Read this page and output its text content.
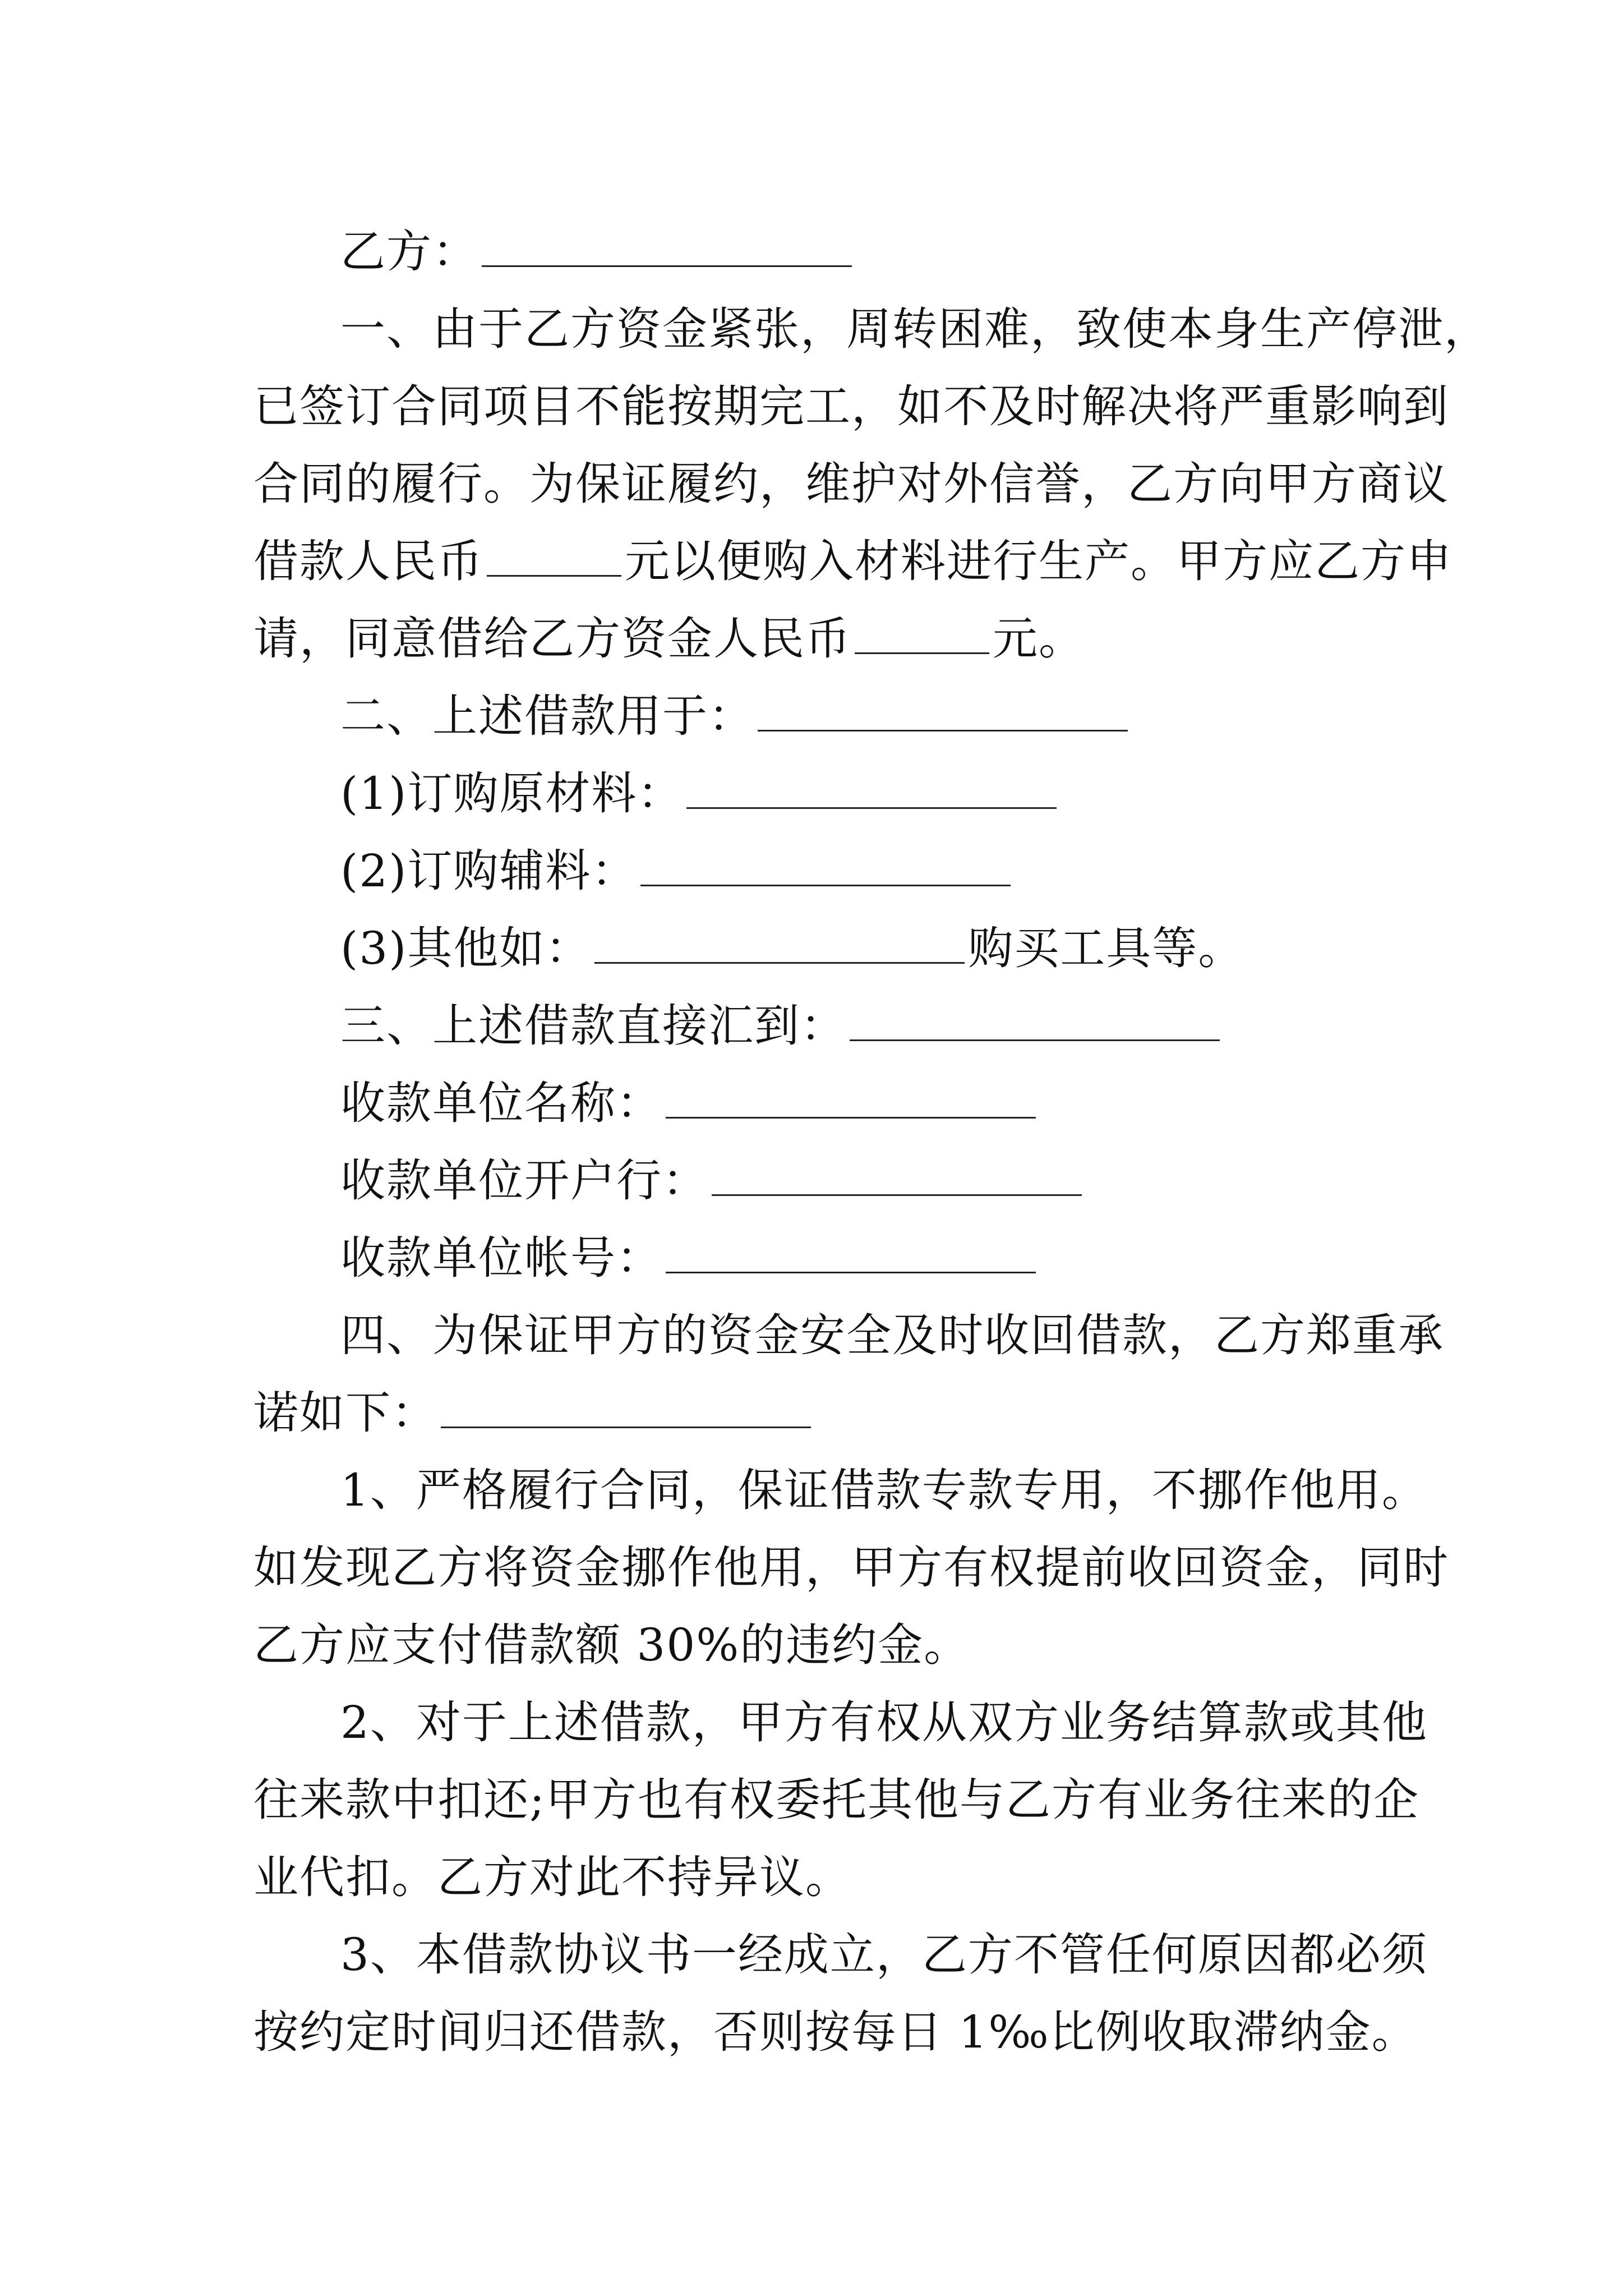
乙方：
一、由于乙方资金紧张，周转困难，致使本身生产停泄，
已签订合同项目不能按期完工，如不及时解决将严重影响到
合同的履行。为保证履约，维护对外信誉，乙方向甲方商议
借款人民币	元以便购入材料进行生产。甲方应乙方申
请，同意借给乙方资金人民币	元。
二、上述借款用于：
(1)订购原材料：
(2)订购辅料：
(3)其他如：	购买工具等。
三、上述借款直接汇到：
收款单位名称：
收款单位开户行：
收款单位帐号：
四、为保证甲方的资金安全及时收回借款，乙方郑重承
诺如下：
1、严格履行合同，保证借款专款专用，不挪作他用。
如发现乙方将资金挪作他用，甲方有权提前收回资金，同时
乙方应支付借款额 30%的违约金。
2、对于上述借款，甲方有权从双方业务结算款或其他
往来款中扣还;甲方也有权委托其他与乙方有业务往来的企
业代扣。乙方对此不持异议。
3、本借款协议书一经成立，乙方不管任何原因都必须
按约定时间归还借款，否则按每日 1‰比例收取滞纳金。
